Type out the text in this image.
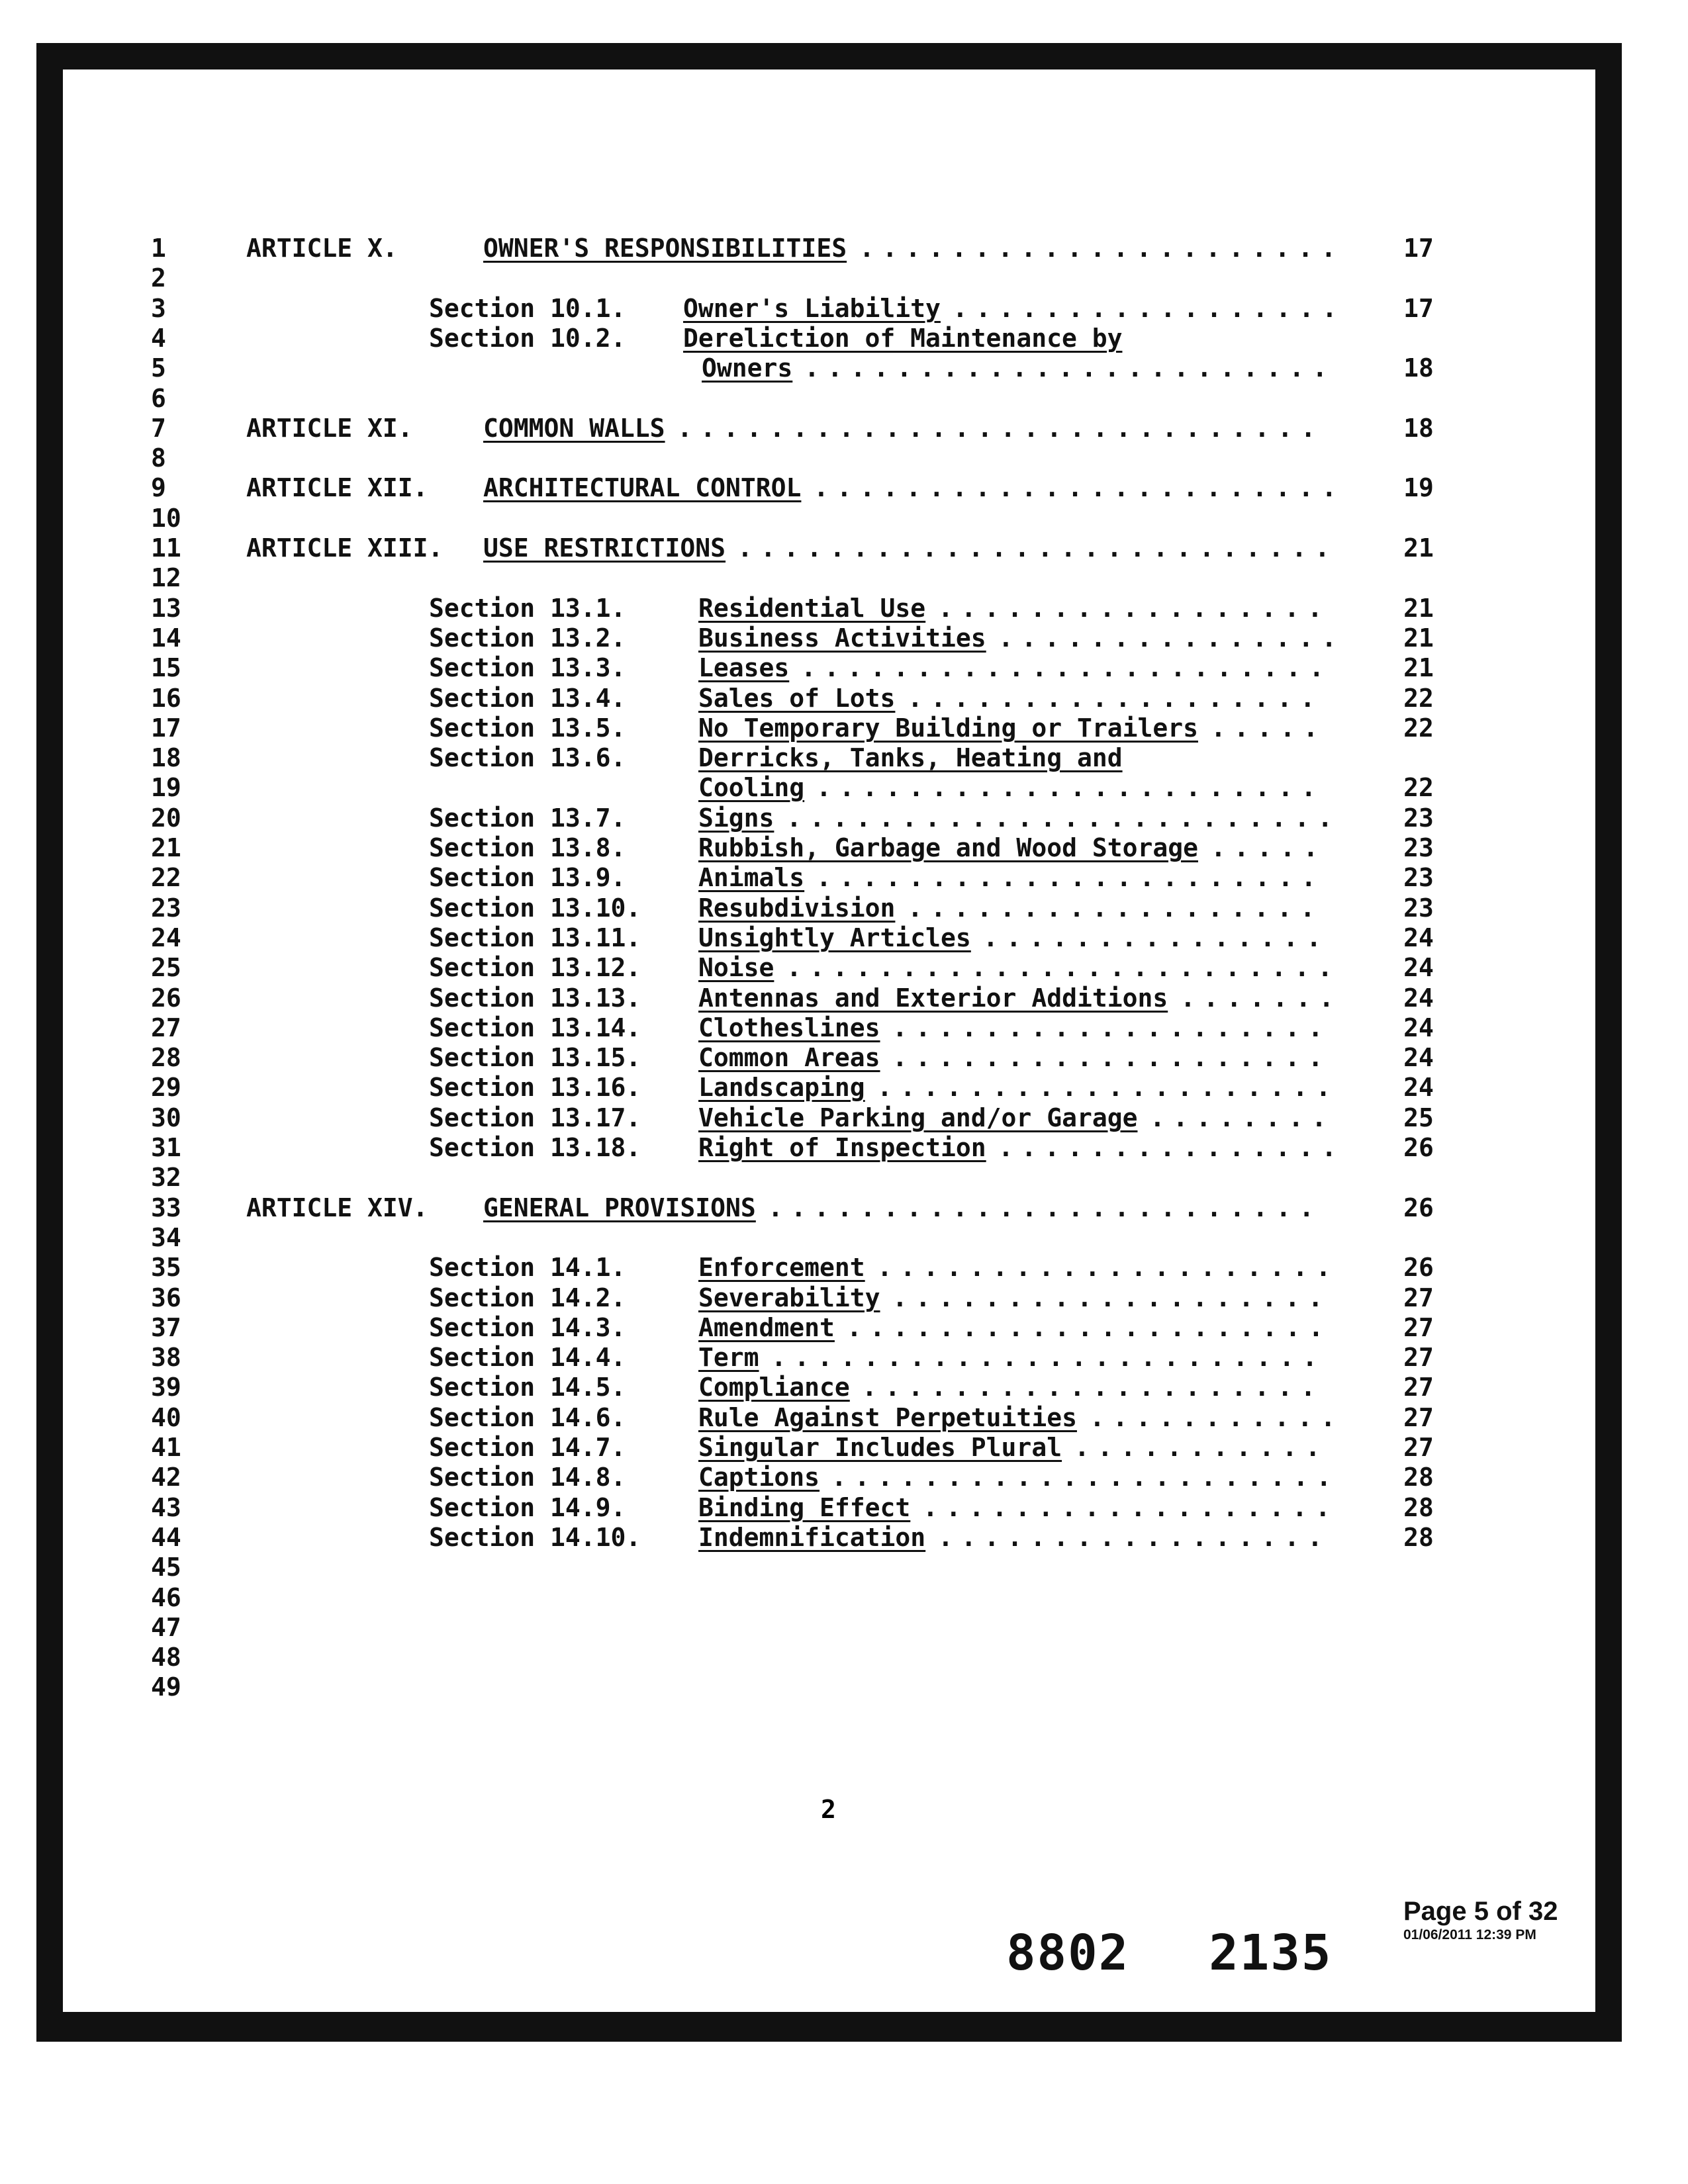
1	ARTICLE X.	OWNER'S RESPONSIBILITIES .....................	17
2
3	Section 10.1. Owner's Liability .................	17
4	Section 10.2. Dereliction of Maintenance by
5	Owners .......................	18
6
7	ARTICLE XI.	COMMON WALLS ............................	18
8
9	ARTICLE XII. ARCHITECTURAL CONTROL .......................	19
10
11	ARTICLE XIII. USE RESTRICTIONS ..........................	21
12
13	Section 13.1.	Residential Use .................	21
14	Section 13.2.	Business Activities ...............	21
15	Section 13.3.	Leases .......................	21
16	Section 13.4.	Sales of Lots ..................	22
17	Section 13.5.	No Temporary Building or Trailers .....	22
18	Section 13.6.	Derricks, Tanks, Heating and
19	Cooling ......................	22
20	Section 13.7.	Signs ........................	23
21	Section 13.8.	Rubbish, Garbage and Wood Storage .....	23
22	Section 13.9.	Animals ......................	23
23	Section 13.10. Resubdivision ..................	23
24	Section 13.11. Unsightly Articles ...............	24
25	Section 13.12. Noise ........................	24
26	Section 13.13. Antennas and Exterior Additions .......	24
27	Section 13.14. Clotheslines ...................	24
28	Section 13.15. Common Areas ...................	24
29	Section 13.16. Landscaping ....................	24
30	Section 13.17. Vehicle Parking and/or Garage ........	25
31	Section 13.18. Right of Inspection ...............	26
32
33	ARTICLE XIV. GENERAL PROVISIONS ........................	26
34
35	Section 14.1.	Enforcement ....................	26
36	Section 14.2.	Severability ...................	27
37	Section 14.3.	Amendment .....................	27
38	Section 14.4.	Term ........................	27
39	Section 14.5.	Compliance ....................	27
40	Section 14.6.	Rule Against Perpetuities ...........	27
41	Section 14.7.	Singular Includes Plural ...........	27
42	Section 14.8.	Captions ......................	28
43	Section 14.9.	Binding Effect ..................	28
44	Section 14.10. Indemnification .................	28
45
46
47
48
49
2
8802 2135
Page 5 of 32
01/06/2011 12:39 PM
